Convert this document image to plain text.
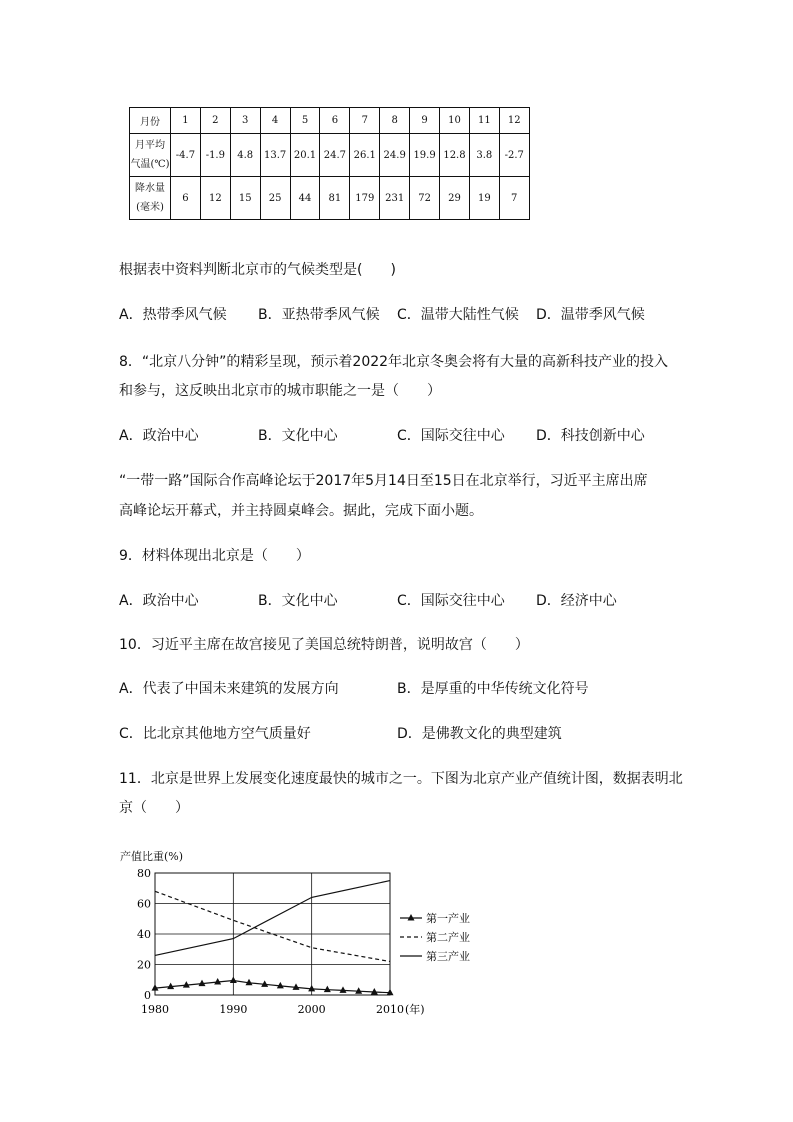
月份	1	2	3	4	5	6	7	8	9	10	11	12

月平均
气温(℃)	-4.7	-1.9	4.8	13.7	20.1	24.7	26.1	24.9	19.9	12.8	3.8	-2.7

降水量
(毫米)	6	12	15	25	44	81	179	231	72	29	19	7
根据表中资料判断北京市的气候类型是(　　)
A．热带季风气候 B．亚热带季风气候 C．温带大陆性气候 D．温带季风气候
8．“北京八分钟”的精彩呈现，预示着2022年北京冬奥会将有大量的高新科技产业的投入
和参与，这反映出北京市的城市职能之一是（　　）
A．政治中心	B．文化中心	C．国际交往中心 D．科技创新中心
“一带一路”国际合作高峰论坛于2017年5月14日至15日在北京举行，习近平主席出席
高峰论坛开幕式，并主持圆桌峰会。据此，完成下面小题。
9．材料体现出北京是（　　）
A．政治中心	B．文化中心	C．国际交往中心 D．经济中心
10．习近平主席在故宫接见了美国总统特朗普，说明故宫（　　）
A．代表了中国未来建筑的发展方向	B．是厚重的中华传统文化符号
C．比北京其他地方空气质量好	D．是佛教文化的典型建筑
11．北京是世界上发展变化速度最快的城市之一。下图为北京产业产值统计图，数据表明北
京（　　）
产值比重(%)
0
20
40
60
80
1980	1990	2000	2010 (年)
第一产业
第二产业
第三产业
